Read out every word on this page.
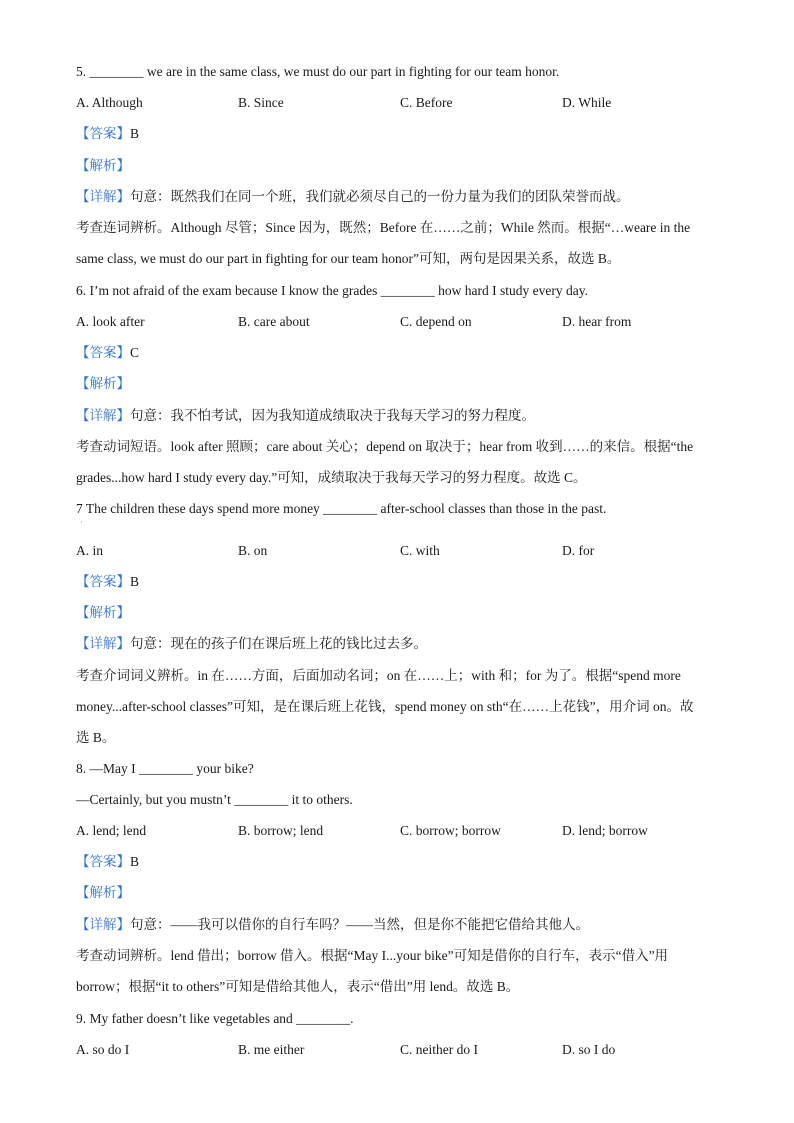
5. ________ we are in the same class, we must do our part in fighting for our team honor.
A. Although	B. Since	C. Before	D. While
【答案】B
【解析】
【详解】句意：既然我们在同一个班，我们就必须尽自己的一份力量为我们的团队荣誉而战。
考查连词辨析。Although 尽管；Since 因为，既然；Before 在……之前；While 然而。根据“…weare in the
same class, we must do our part in fighting for our team honor”可知，两句是因果关系，故选 B。
6. I’m not afraid of the exam because I know the grades ________ how hard I study every day.
A. look after	B. care about	C. depend on	D. hear from
【答案】C
【解析】
【详解】句意：我不怕考试，因为我知道成绩取决于我每天学习的努力程度。
考查动词短语。look after 照顾；care about 关心；depend on 取决于；hear from 收到……的来信。根据“the
grades...how hard I study every day.”可知，成绩取决于我每天学习的努力程度。故选 C。
7 The children these days spend more money ________ after-school classes than those in the past.
·
A. in	B. on	C. with	D. for
【答案】B
【解析】
【详解】句意：现在的孩子们在课后班上花的钱比过去多。
考查介词词义辨析。in 在……方面，后面加动名词；on 在……上；with 和；for 为了。根据“spend more
money...after-school classes”可知，是在课后班上花钱，spend money on sth“在……上花钱”，用介词 on。故
选 B。
8. —May I ________ your bike?
—Certainly, but you mustn’t ________ it to others.
A. lend; lend	B. borrow; lend	C. borrow; borrow	D. lend; borrow
【答案】B
【解析】
【详解】句意：——我可以借你的自行车吗？——当然，但是你不能把它借给其他人。
考查动词辨析。lend 借出；borrow 借入。根据“May I...your bike”可知是借你的自行车，表示“借入”用
borrow；根据“it to others”可知是借给其他人，表示“借出”用 lend。故选 B。
9. My father doesn’t like vegetables and ________.
A. so do I	B. me either	C. neither do I	D. so I do
